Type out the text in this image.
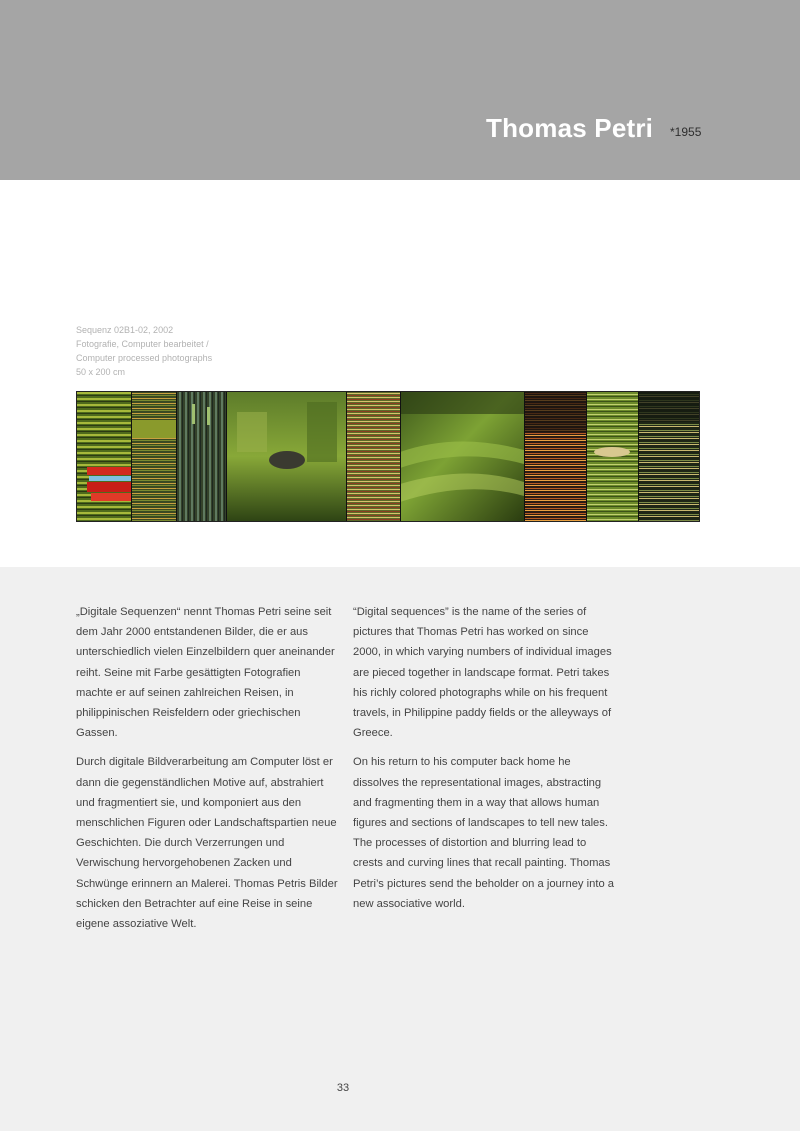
Thomas Petri *1955
Sequenz 02B1-02, 2002
Fotografie, Computer bearbeitet /
Computer processed photographs
50 x 200 cm

„Digitale Sequenzen“ nennt Thomas Petri seine seit dem Jahr 2000 entstandenen Bilder, die er aus unterschiedlich vielen Einzelbildern quer aneinander reiht. Seine mit Farbe gesättigten Fotografien machte er auf seinen zahlreichen Reisen, in philippinischen Reisfeldern oder griechischen Gassen.

Durch digitale Bildverarbeitung am Computer löst er dann die gegenständlichen Motive auf, abstrahiert und fragmentiert sie, und komponiert aus den menschlichen Figuren oder Landschaftspartien neue Geschichten. Die durch Verzerrungen und Verwischung hervorgehobenen Zacken und Schwünge erinnern an Malerei. Thomas Petris Bilder schicken den Betrachter auf eine Reise in seine eigene assoziative Welt.

“Digital sequences” is the name of the series of pictures that Thomas Petri has worked on since 2000, in which varying numbers of individual images are pieced together in landscape format. Petri takes his richly colored photographs while on his frequent travels, in Philippine paddy fields or the alleyways of Greece.

On his return to his computer back home he dissolves the representational images, abstracting and fragmenting them in a way that allows human figures and sections of landscapes to tell new tales. The processes of distortion and blurring lead to crests and curving lines that recall painting. Thomas Petri’s pictures send the beholder on a journey into a new associative world.

33
